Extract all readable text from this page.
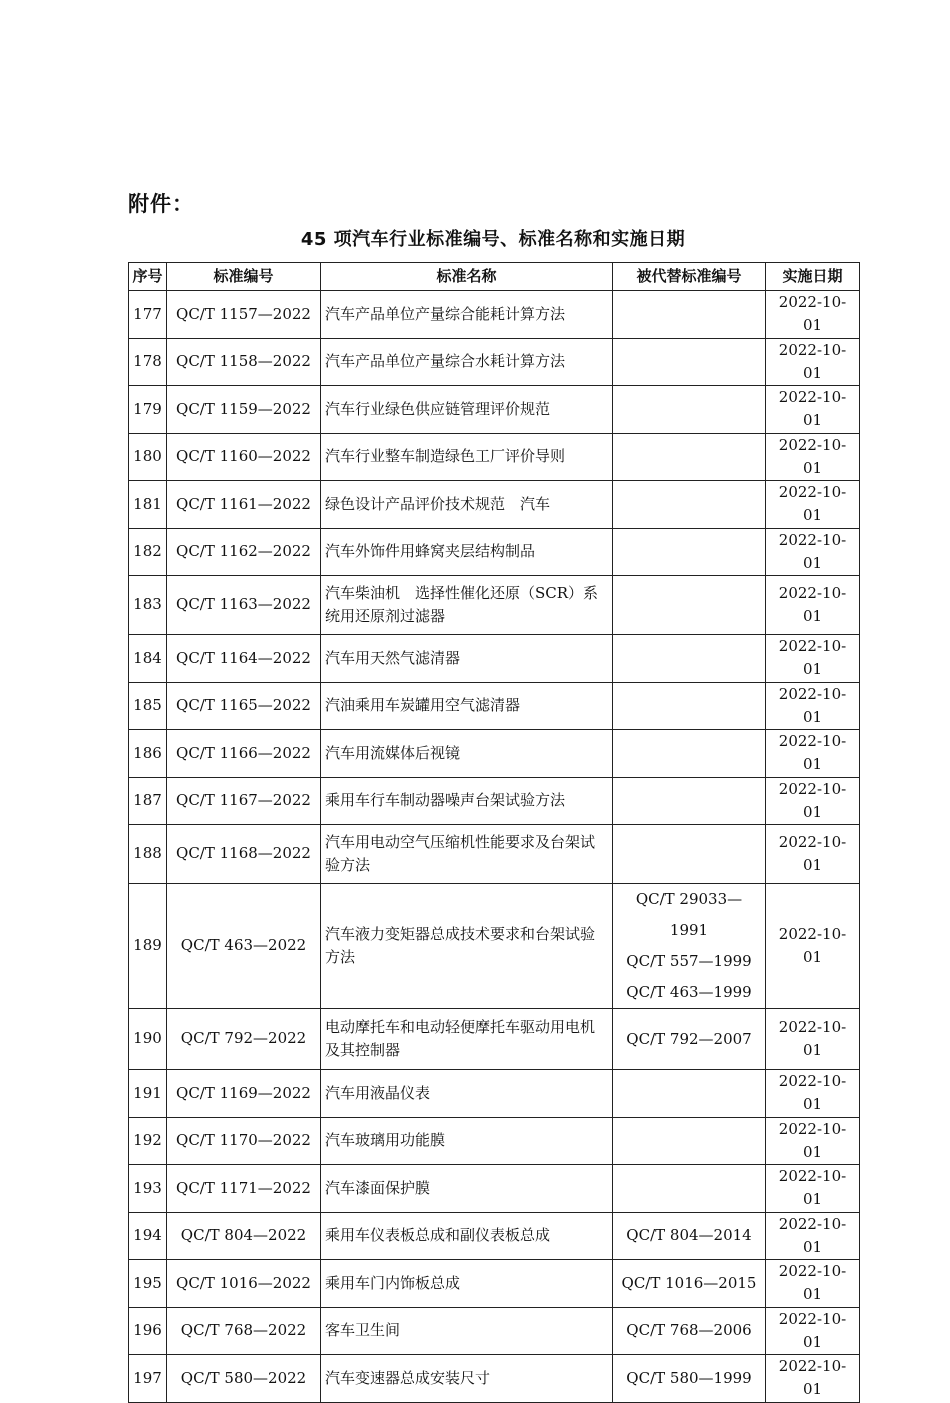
附件：
45 项汽车行业标准编号、标准名称和实施日期
序号	标准编号	标准名称	被代替标准编号	实施日期
177	QC/T 1157—2022	汽车产品单位产量综合能耗计算方法		2022-10-01
178	QC/T 1158—2022	汽车产品单位产量综合水耗计算方法		2022-10-01
179	QC/T 1159—2022	汽车行业绿色供应链管理评价规范		2022-10-01
180	QC/T 1160—2022	汽车行业整车制造绿色工厂评价导则		2022-10-01
181	QC/T 1161—2022	绿色设计产品评价技术规范　汽车		2022-10-01
182	QC/T 1162—2022	汽车外饰件用蜂窝夹层结构制品		2022-10-01
183	QC/T 1163—2022	汽车柴油机　选择性催化还原（SCR）系统用还原剂过滤器		2022-10-01
184	QC/T 1164—2022	汽车用天然气滤清器		2022-10-01
185	QC/T 1165—2022	汽油乘用车炭罐用空气滤清器		2022-10-01
186	QC/T 1166—2022	汽车用流媒体后视镜		2022-10-01
187	QC/T 1167—2022	乘用车行车制动器噪声台架试验方法		2022-10-01
188	QC/T 1168—2022	汽车用电动空气压缩机性能要求及台架试验方法		2022-10-01
189	QC/T 463—2022	汽车液力变矩器总成技术要求和台架试验方法	QC/T 29033—1991
QC/T 557—1999
QC/T 463—1999	2022-10-01
190	QC/T 792—2022	电动摩托车和电动轻便摩托车驱动用电机及其控制器	QC/T 792—2007	2022-10-01
191	QC/T 1169—2022	汽车用液晶仪表		2022-10-01
192	QC/T 1170—2022	汽车玻璃用功能膜		2022-10-01
193	QC/T 1171—2022	汽车漆面保护膜		2022-10-01
194	QC/T 804—2022	乘用车仪表板总成和副仪表板总成	QC/T 804—2014	2022-10-01
195	QC/T 1016—2022	乘用车门内饰板总成	QC/T 1016—2015	2022-10-01
196	QC/T 768—2022	客车卫生间	QC/T 768—2006	2022-10-01
197	QC/T 580—2022	汽车变速器总成安装尺寸	QC/T 580—1999	2022-10-01
